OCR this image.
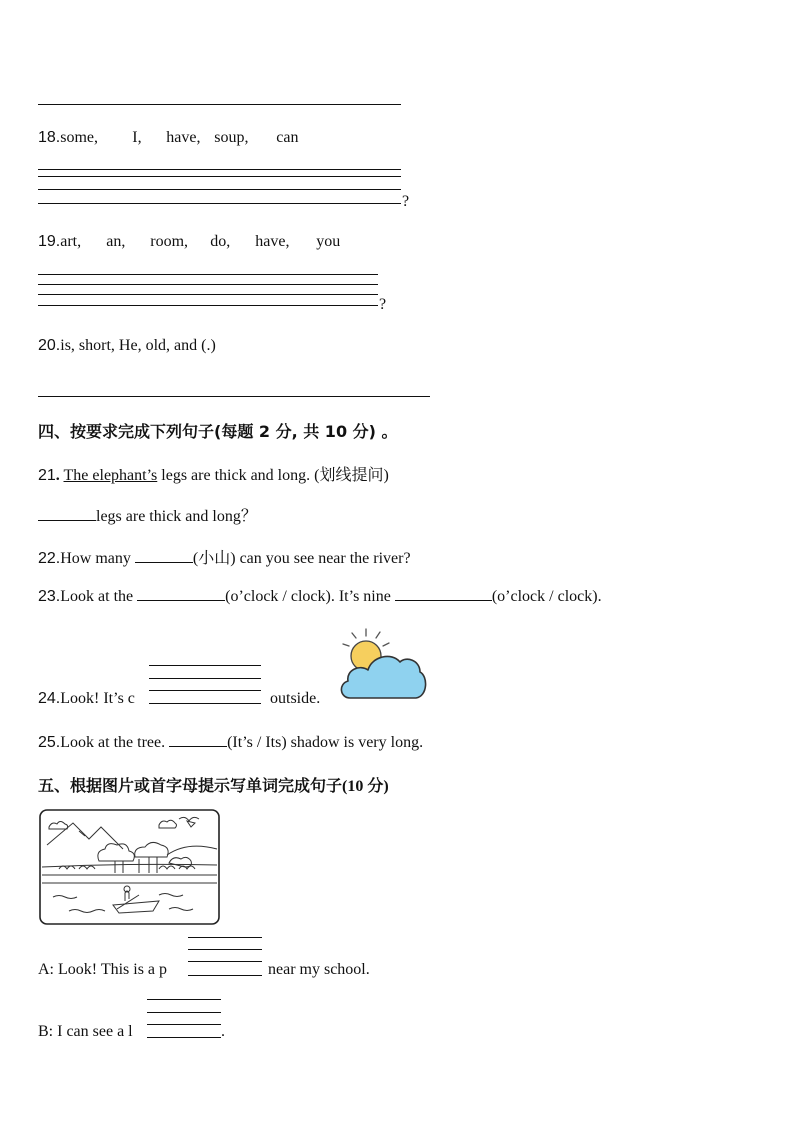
18.some, I, have, soup, can
?
19.art, an, room, do, have, you
?
20.is, short, He, old, and (.)
四、按要求完成下列句子(每题 2 分, 共 10 分) 。
21. The elephant’s legs are thick and long. (划线提问)
legs are thick and long？
22.How many	(小山) can you see near the river?
23.Look at the	(o’clock / clock). It’s nine	(o’clock / clock).
24.Look! It’s c	outside.
25.Look at the tree.	(It’s / Its) shadow is very long.
五、根据图片或首字母提示写单词完成句子(10 分)
A: Look! This is a p	near my school.
B: I can see a l	.
